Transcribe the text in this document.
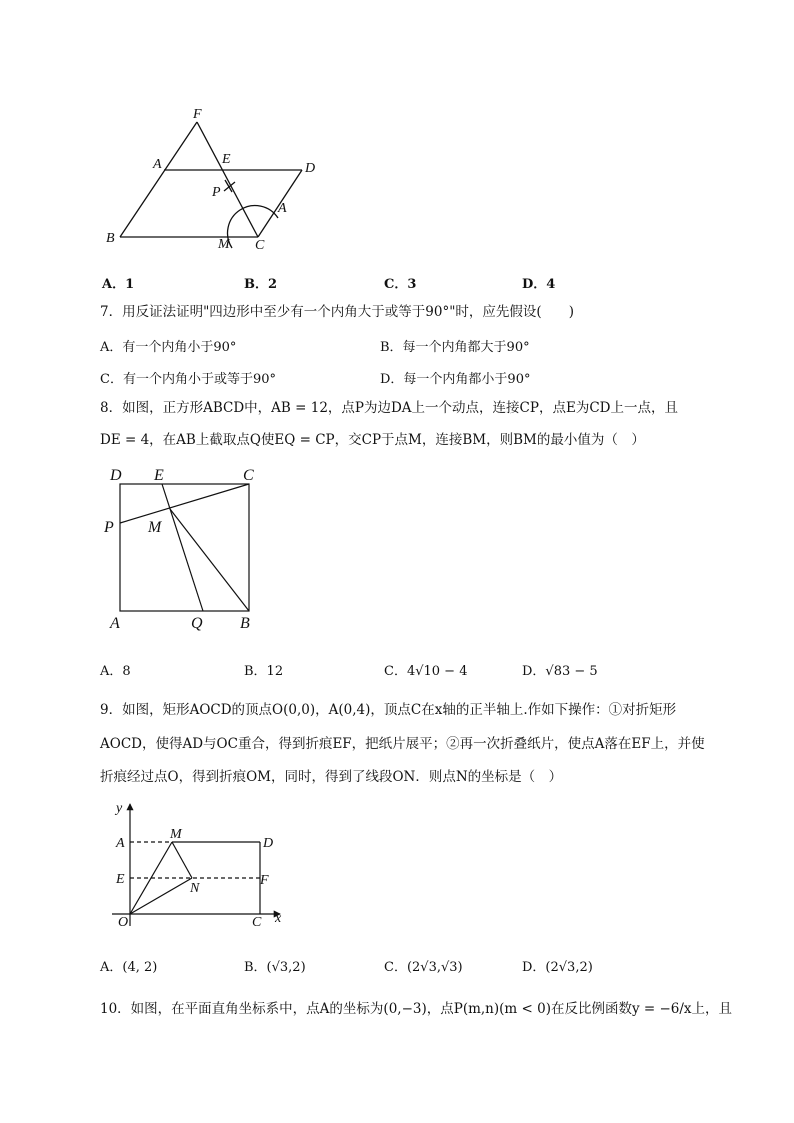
F
A	E
D
P
A
B	M C
A．1	B．2	C．3	D．4
7．用反证法证明"四边形中至少有一个内角大于或等于90°"时，应先假设(　　)
A．有一个内角小于90°	B．每一个内角都大于90°
C．有一个内角小于或等于90°	D．每一个内角都小于90°
8．如图，正方形ABCD中，AB = 12，点P为边DA上一个动点，连接CP，点E为CD上一点，且
DE = 4，在AB上截取点Q使EQ = CP，交CP于点M，连接BM，则BM的最小值为（　）
D E	C
P M
A	Q B
A．8	B．12	C．4√10 − 4	D．√83 − 5
9．如图，矩形AOCD的顶点O(0,0)，A(0,4)，顶点C在x轴的正半轴上.作如下操作：①对折矩形
AOCD，使得AD与OC重合，得到折痕EF，把纸片展平；②再一次折叠纸片，使点A落在EF上，并使
折痕经过点O，得到折痕OM，同时，得到了线段ON．则点N的坐标是（　）
y
A
M
D
E
N
F
O	C x
A．(4, 2)	B．(√3,2)	C．(2√3,√3)	D．(2√3,2)
10．如图，在平面直角坐标系中，点A的坐标为(0,−3)，点P(m,n)(m < 0)在反比例函数y = −6/x上，且
